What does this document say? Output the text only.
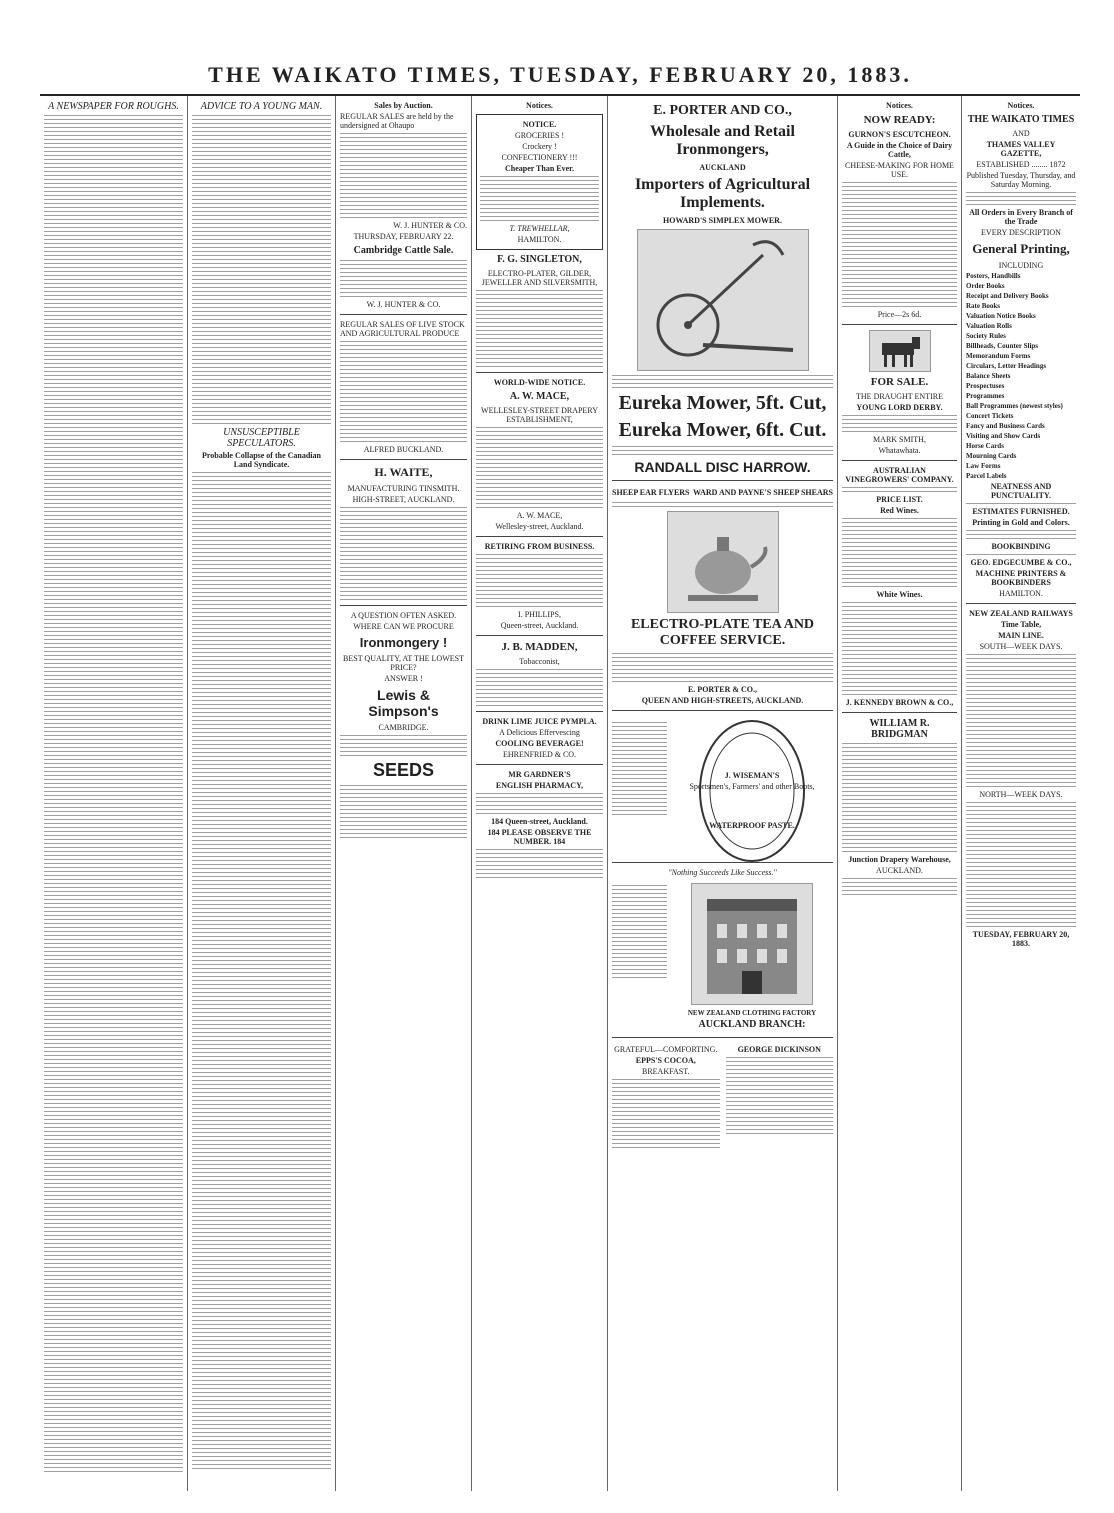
THE WAIKATO TIMES, TUESDAY, FEBRUARY 20, 1883.
A NEWSPAPER FOR ROUGHS.	ADVICE TO A YOUNG MAN.
UNSUSCEPTIBLE SPECULATORS.
Probable Collapse of the Canadian Land Syndicate.
Sales by Auction.
REGULAR SALES are held by the undersigned at Ohaupo
W. J. HUNTER & CO.
THURSDAY, FEBRUARY 22.
Cambridge Cattle Sale.
W. J. HUNTER & CO.
REGULAR SALES OF LIVE STOCK AND AGRICULTURAL PRODUCE
ALFRED BUCKLAND.
H. WAITE,
MANUFACTURING TINSMITH.
HIGH-STREET, AUCKLAND.
A QUESTION OFTEN ASKED.
WHERE CAN WE PROCURE
Ironmongery !
BEST QUALITY, AT THE LOWEST PRICE?
ANSWER !
Lewis & Simpson's
CAMBRIDGE.
SEEDS
Notices.
NOTICE.
GROCERIES !
Crockery !
CONFECTIONERY !!!
Cheaper Than Ever.
T. TREWHELLAR,
HAMILTON.
F. G. SINGLETON,
ELECTRO-PLATER, GILDER, JEWELLER AND SILVERSMITH,
WORLD-WIDE NOTICE.
A. W. MACE,
WELLESLEY-STREET DRAPERY ESTABLISHMENT,
A. W. MACE,
Wellesley-street, Auckland.
RETIRING FROM BUSINESS.
I. PHILLIPS,
Queen-street, Auckland.
J. B. MADDEN,
Tobacconist,
DRINK LIME JUICE PYMPLA.
A Delicious Effervescing
COOLING BEVERAGE!
EHRENFRIED & CO.
MR GARDNER'S
ENGLISH PHARMACY,
184 Queen-street, Auckland.
184 PLEASE OBSERVE THE NUMBER. 184
E. PORTER AND CO.,
Wholesale and Retail Ironmongers,
AUCKLAND
Importers of Agricultural Implements.
HOWARD'S SIMPLEX MOWER.
Eureka Mower, 5ft. Cut,
Eureka Mower, 6ft. Cut.
RANDALL DISC HARROW.
SHEEP EAR FLYERS WARD AND PAYNE'S SHEEP SHEARS
ELECTRO-PLATE TEA AND COFFEE SERVICE.
E. PORTER & CO.,
QUEEN AND HIGH-STREETS, AUCKLAND.
J. WISEMAN'S
Sportsmen's, Farmers' and other Boots,
WATERPROOF PASTE.
"Nothing Succeeds Like Success."
NEW ZEALAND CLOTHING FACTORY
AUCKLAND BRANCH:
GRATEFUL—COMFORTING.
EPPS'S COCOA,
BREAKFAST.
GEORGE DICKINSON
Notices.
NOW READY:
GURNON'S ESCUTCHEON.
A Guide in the Choice of Dairy Cattle,
CHEESE-MAKING FOR HOME USE.
Price—2s 6d.
FOR SALE.
THE DRAUGHT ENTIRE
YOUNG LORD DERBY.
MARK SMITH,
Whatawhata.
AUSTRALIAN VINEGROWERS' COMPANY.
PRICE LIST.
Red Wines.
White Wines.
J. KENNEDY BROWN & CO.,
WILLIAM R. BRIDGMAN
Junction Drapery Warehouse,
AUCKLAND.
Notices.
THE WAIKATO TIMES
AND
THAMES VALLEY GAZETTE,
ESTABLISHED ........ 1872
Published Tuesday, Thursday, and Saturday Morning.
All Orders in Every Branch of the Trade
EVERY DESCRIPTION
General Printing,
INCLUDING
Posters, Handbills
Order Books
Receipt and Delivery Books
Rate Books
Valuation Notice Books
Valuation Rolls
Society Rules
Billheads, Counter Slips
Memorandum Forms
Circulars, Letter Headings
Balance Sheets
Prospectuses
Programmes
Ball Programmes (newest styles)
Concert Tickets
Fancy and Business Cards
Visiting and Show Cards
Horse Cards
Mourning Cards
Law Forms
Parcel Labels
NEATNESS AND PUNCTUALITY.
ESTIMATES FURNISHED.
Printing in Gold and Colors.
BOOKBINDING
GEO. EDGECUMBE & CO.,
MACHINE PRINTERS & BOOKBINDERS
HAMILTON.
NEW ZEALAND RAILWAYS
Time Table,
MAIN LINE.
SOUTH—WEEK DAYS.
NORTH—WEEK DAYS.
TUESDAY, FEBRUARY 20, 1883.
